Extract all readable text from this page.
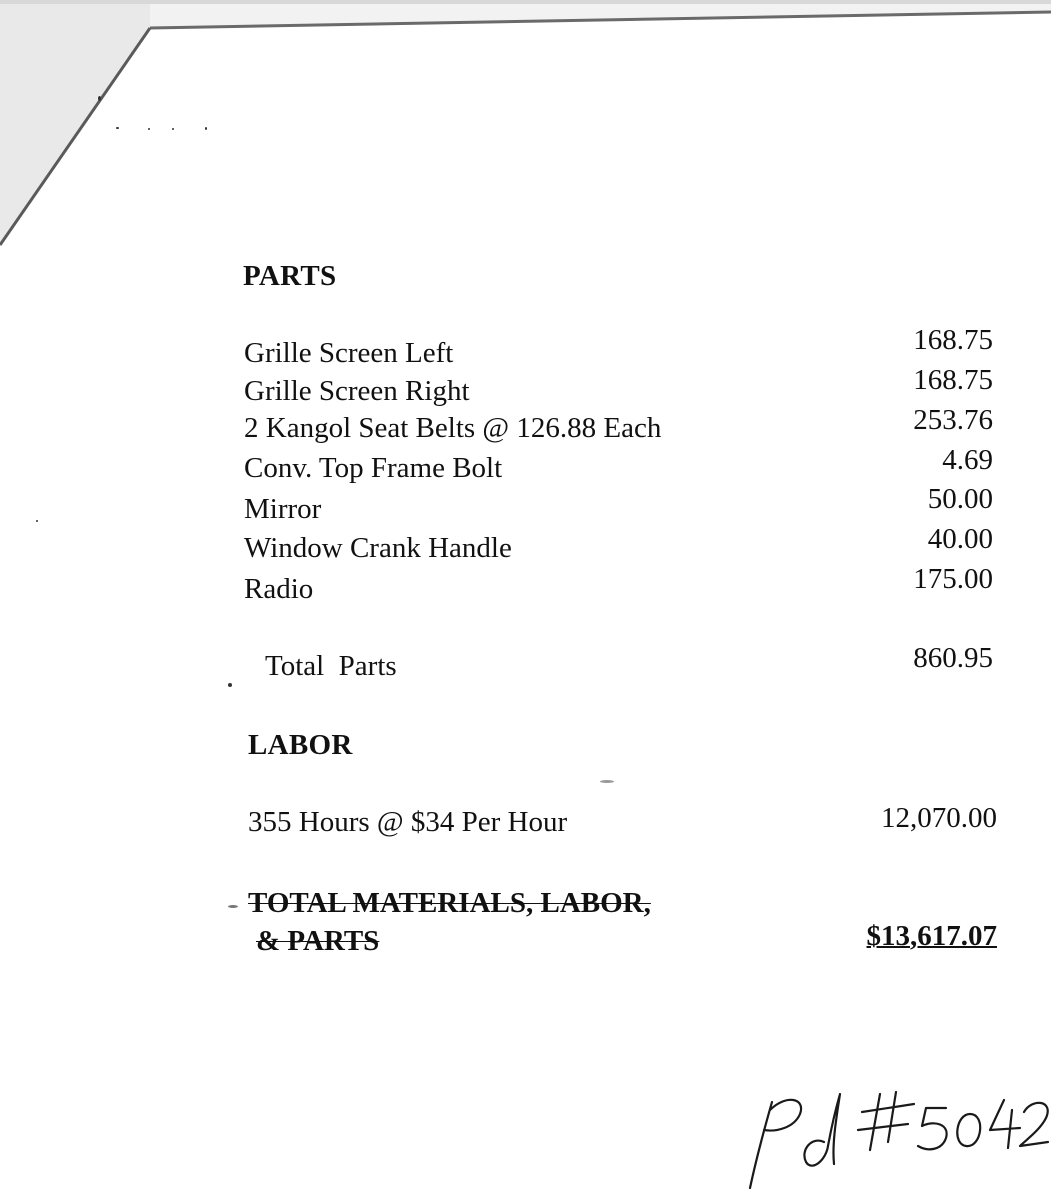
PARTS
Grille Screen Left	168.75
Grille Screen Right	168.75
2 Kangol Seat Belts @ 126.88 Each	253.76
Conv. Top Frame Bolt	4.69
Mirror	50.00
Window Crank Handle	40.00
Radio	175.00
Total  Parts	860.95
LABOR
355 Hours @ $34 Per Hour	12,070.00
TOTAL MATERIALS, LABOR,
& PARTS	$13,617.07
